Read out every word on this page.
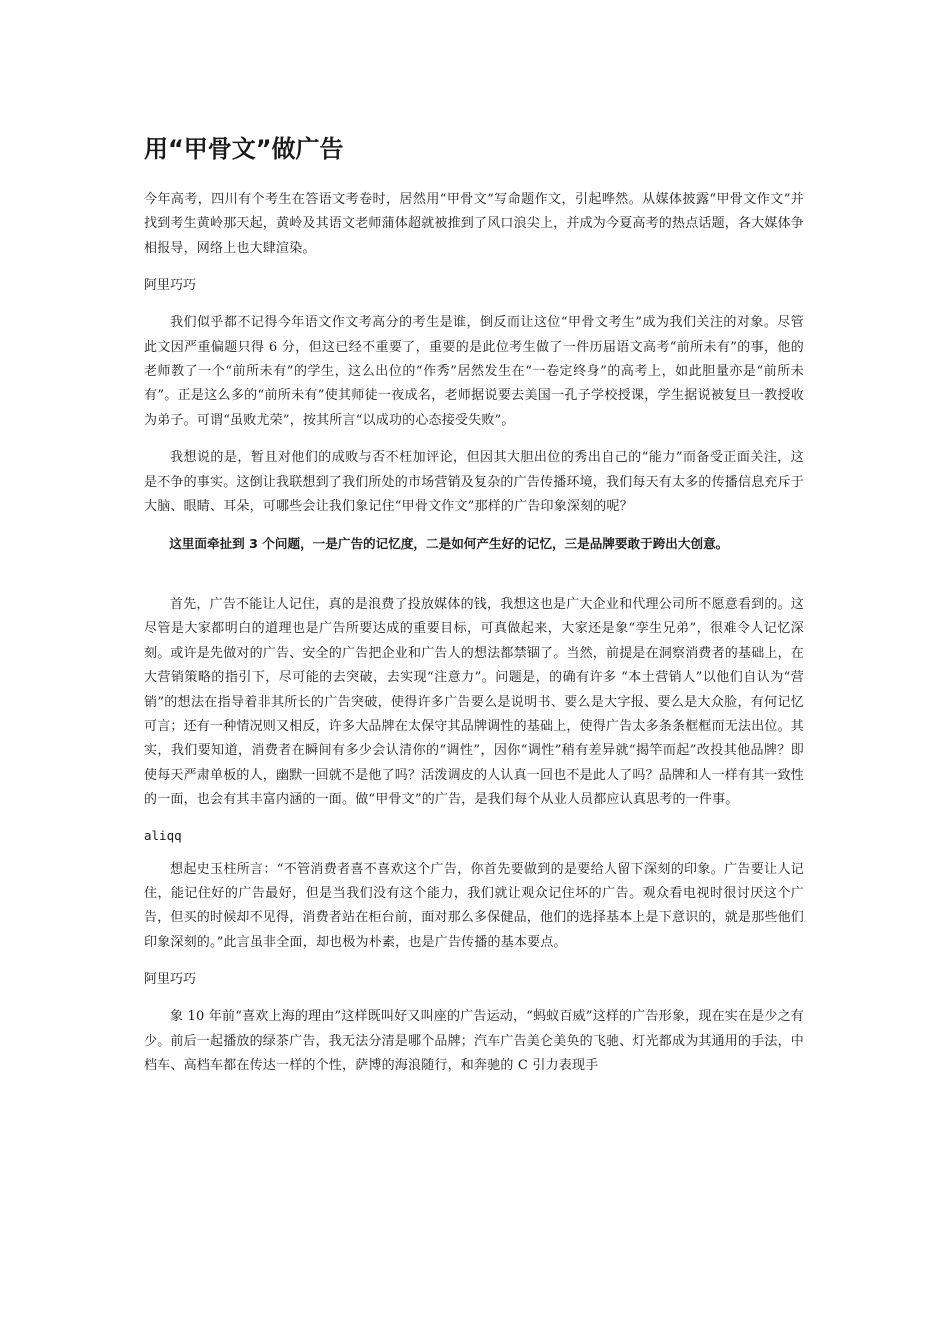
用“甲骨文”做广告

今年高考，四川有个考生在答语文考卷时，居然用“甲骨文”写命题作文，引起哗然。从媒体披露“甲骨文作文”并找到考生黄岭那天起，黄岭及其语文老师蒲体超就被推到了风口浪尖上，并成为今夏高考的热点话题，各大媒体争相报导，网络上也大肆渲染。

阿里巧巧

我们似乎都不记得今年语文作文考高分的考生是谁，倒反而让这位“甲骨文考生”成为我们关注的对象。尽管此文因严重偏题只得 6 分，但这已经不重要了，重要的是此位考生做了一件历届语文高考“前所未有”的事，他的老师教了一个“前所未有”的学生，这么出位的“作秀”居然发生在“一卷定终身”的高考上，如此胆量亦是“前所未有”。正是这么多的“前所未有”使其师徒一夜成名，老师据说要去美国一孔子学校授课，学生据说被复旦一教授收为弟子。可谓“虽败尤荣”，按其所言“以成功的心态接受失败”。

我想说的是，暂且对他们的成败与否不枉加评论，但因其大胆出位的秀出自己的“能力”而备受正面关注，这是不争的事实。这倒让我联想到了我们所处的市场营销及复杂的广告传播环境，我们每天有太多的传播信息充斥于大脑、眼睛、耳朵，可哪些会让我们象记住“甲骨文作文”那样的广告印象深刻的呢？

这里面牵扯到 3 个问题，一是广告的记忆度，二是如何产生好的记忆，三是品牌要敢于跨出大创意。

首先，广告不能让人记住，真的是浪费了投放媒体的钱，我想这也是广大企业和代理公司所不愿意看到的。这尽管是大家都明白的道理也是广告所要达成的重要目标，可真做起来，大家还是象“孪生兄弟”，很难令人记忆深刻。或许是先做对的广告、安全的广告把企业和广告人的想法都禁锢了。当然，前提是在洞察消费者的基础上，在大营销策略的指引下，尽可能的去突破，去实现“注意力”。问题是，的确有许多 “本土营销人”以他们自认为“营销”的想法在指导着非其所长的广告突破，使得许多广告要么是说明书、要么是大字报、要么是大众脸，有何记忆可言；还有一种情况则又相反，许多大品牌在太保守其品牌调性的基础上，使得广告太多条条框框而无法出位。其实，我们要知道，消费者在瞬间有多少会认清你的“调性”，因你“调性”稍有差异就“揭竿而起”改投其他品牌？即使每天严肃单板的人，幽默一回就不是他了吗？活泼调皮的人认真一回也不是此人了吗？品牌和人一样有其一致性的一面，也会有其丰富内涵的一面。做“甲骨文”的广告，是我们每个从业人员都应认真思考的一件事。

aliqq

想起史玉柱所言：“不管消费者喜不喜欢这个广告，你首先要做到的是要给人留下深刻的印象。广告要让人记住，能记住好的广告最好，但是当我们没有这个能力，我们就让观众记住坏的广告。观众看电视时很讨厌这个广告，但买的时候却不见得，消费者站在柜台前，面对那么多保健品，他们的选择基本上是下意识的，就是那些他们印象深刻的。”此言虽非全面，却也极为朴素，也是广告传播的基本要点。

阿里巧巧

象 10 年前“喜欢上海的理由”这样既叫好又叫座的广告运动，“蚂蚁百威”这样的广告形象，现在实在是少之有少。前后一起播放的绿茶广告，我无法分清是哪个品牌；汽车广告美仑美奂的飞驰、灯光都成为其通用的手法，中档车、高档车都在传达一样的个性，萨博的海浪随行，和奔驰的 C 引力表现手
